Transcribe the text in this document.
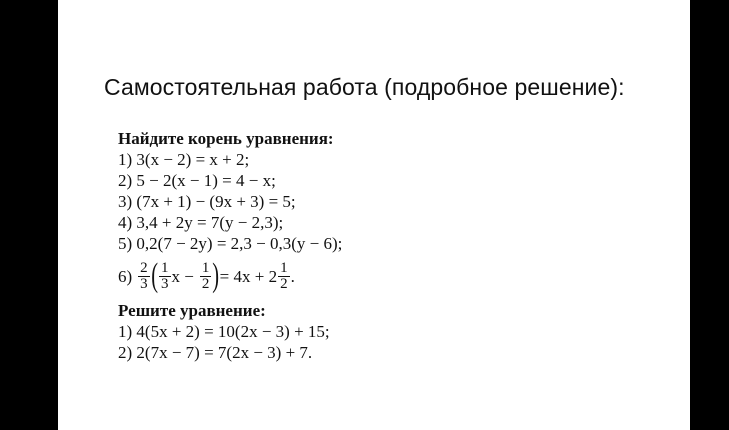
Самостоятельная работа (подробное решение):
Найдите корень уравнения:
1) 3(x − 2) = x + 2;
2) 5 − 2(x − 1) = 4 − x;
3) (7x + 1) − (9x + 3) = 5;
4) 3,4 + 2y = 7(y − 2,3);
5) 0,2(7 − 2y) = 2,3 − 0,3(y − 6);
$6) \frac{2}{3}$ ( $\frac{1}{3}$ $x - \frac{1}{2}$ ) = $4x + 2 \frac{1}{2}$ .
Решите уравнение:
1) 4(5x + 2) = 10(2x − 3) + 15;
2) 2(7x − 7) = 7(2x − 3) + 7.
